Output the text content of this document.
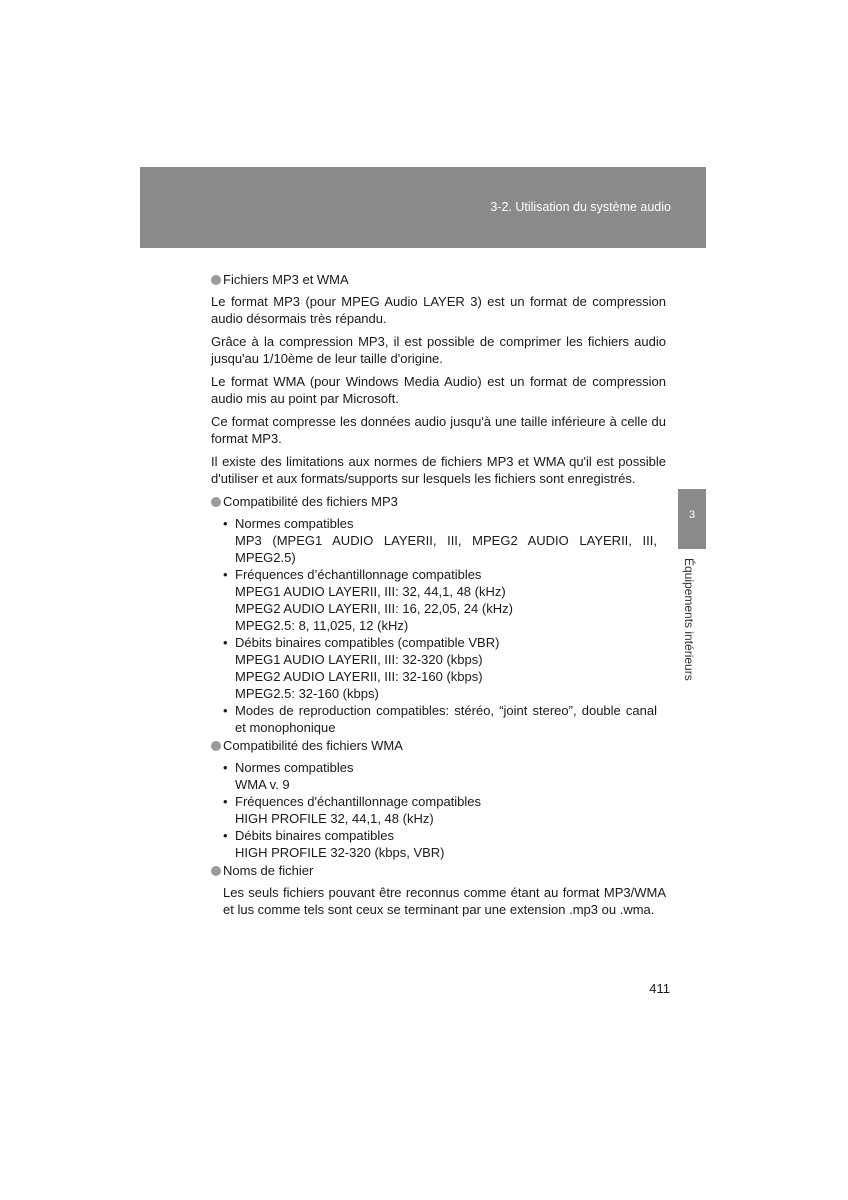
3-2. Utilisation du système audio
Fichiers MP3 et WMA

Le format MP3 (pour MPEG Audio LAYER 3) est un format de compression audio désormais très répandu.

Grâce à la compression MP3, il est possible de comprimer les fichiers audio jusqu'au 1/10ème de leur taille d'origine.

Le format WMA (pour Windows Media Audio) est un format de compression audio mis au point par Microsoft.

Ce format compresse les données audio jusqu'à une taille inférieure à celle du format MP3.

Il existe des limitations aux normes de fichiers MP3 et WMA qu'il est possible d'utiliser et aux formats/supports sur lesquels les fichiers sont enregistrés.

Compatibilité des fichiers MP3
• Normes compatibles
MP3 (MPEG1 AUDIO LAYERII, III, MPEG2 AUDIO LAYERII, III, MPEG2.5)
• Fréquences d’échantillonnage compatibles
MPEG1 AUDIO LAYERII, III: 32, 44,1, 48 (kHz)
MPEG2 AUDIO LAYERII, III: 16, 22,05, 24 (kHz)
MPEG2.5: 8, 11,025, 12 (kHz)
• Débits binaires compatibles (compatible VBR)
MPEG1 AUDIO LAYERII, III: 32-320 (kbps)
MPEG2 AUDIO LAYERII, III: 32-160 (kbps)
MPEG2.5: 32-160 (kbps)
• Modes de reproduction compatibles: stéréo, “joint stereo”, double canal et monophonique
Compatibilité des fichiers WMA
• Normes compatibles
WMA v. 9
• Fréquences d'échantillonnage compatibles
HIGH PROFILE 32, 44,1, 48 (kHz)
• Débits binaires compatibles
HIGH PROFILE 32-320 (kbps, VBR)
Noms de fichier

Les seuls fichiers pouvant être reconnus comme étant au format MP3/WMA et lus comme tels sont ceux se terminant par une extension .mp3 ou .wma.

3
Équipements intérieurs
411
